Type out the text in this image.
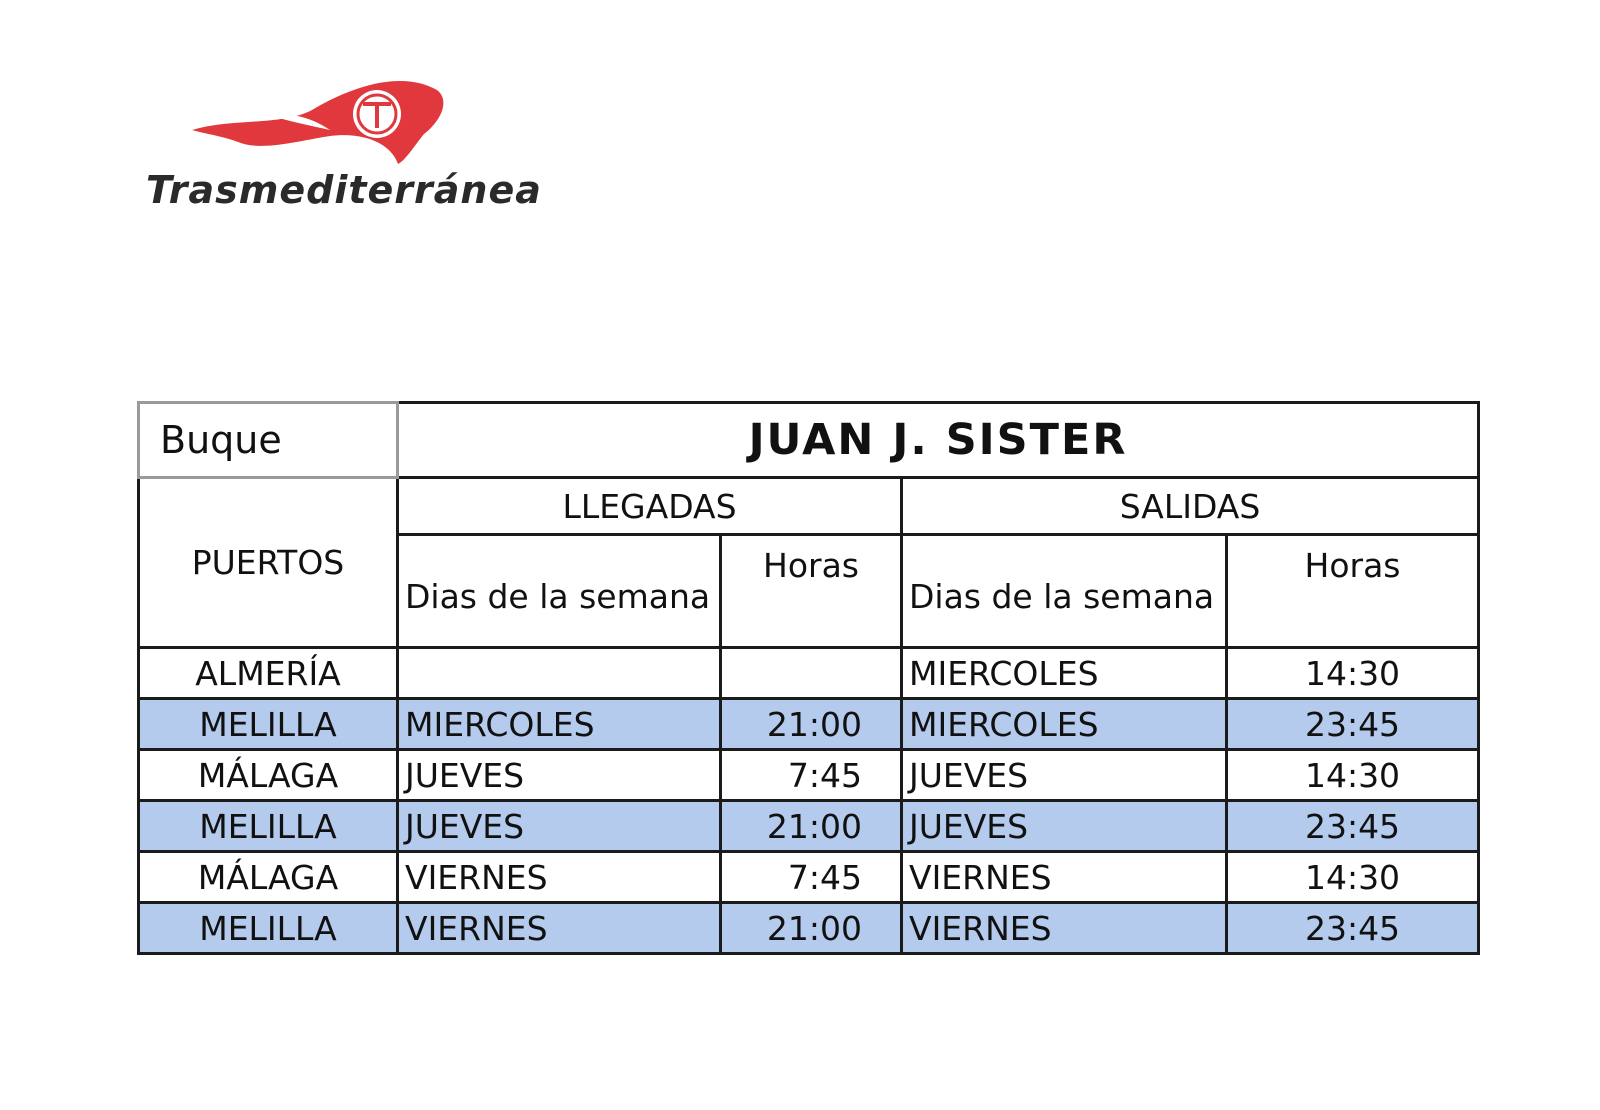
Trasmediterránea
Buque	JUAN J. SISTER			
PUERTOS	LLEGADAS		SALIDAS	
	Dias de la semana	Horas	Dias de la semana	Horas
ALMERÍA			MIERCOLES	14:30
MELILLA	MIERCOLES	21:00	MIERCOLES	23:45
MÁLAGA	JUEVES	7:45	JUEVES	14:30
MELILLA	JUEVES	21:00	JUEVES	23:45
MÁLAGA	VIERNES	7:45	VIERNES	14:30
MELILLA	VIERNES	21:00	VIERNES	23:45
